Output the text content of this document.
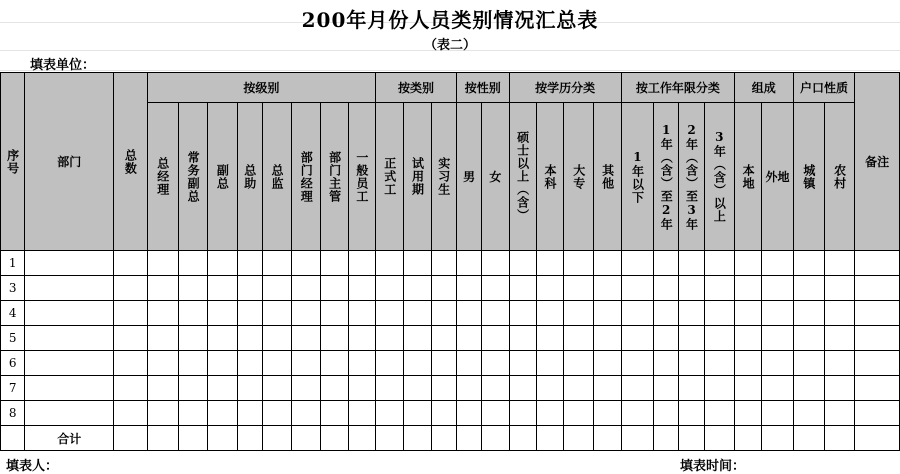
200年月份人员类别情况汇总表
（表二）
填表单位：
序号	部门	总数	按级别								按类别			按性别		按学历分类				按工作年限分类				组成		户口性质		备注

			总经理	常务副总	副总	总助	总监	部门经理	部门主管	一般员工	正式工	试用期	实习生	男	女	硕士以上（含）	本科	大专	其他	1年以下	1年（含）至2年	2年（含）至3年	3年（含）以上	本地	外地	城镇	农村	

1																												
3																												
4																												
5																												
6																												
7																												
8																												
	合计																											
填表人：	填表时间：
